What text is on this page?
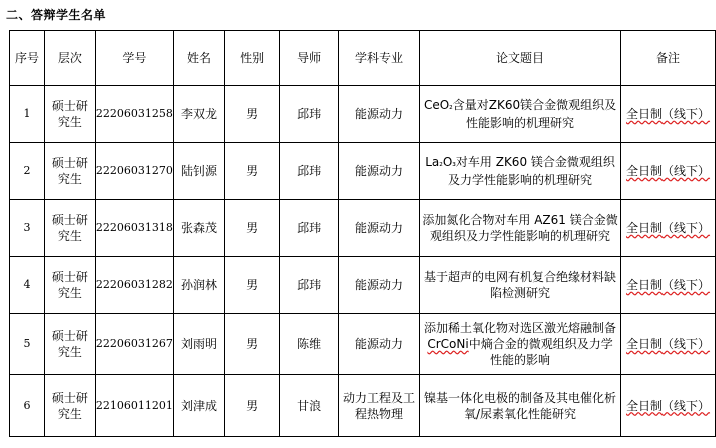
二、答辩学生名单
序号	层次	学号	姓名	性别	导师	学科专业	论文题目	备注
1	硕士研究生	22206031258	李双龙	男	邱玮	能源动力	CeO₂含量对ZK60镁合金微观组织及性能影响的机理研究	全日制（线下）
2	硕士研究生	22206031270	陆钊源	男	邱玮	能源动力	La₂O₃对车用 ZK60 镁合金微观组织及力学性能影响的机理研究	全日制（线下）
3	硕士研究生	22206031318	张森茂	男	邱玮	能源动力	添加氮化合物对车用 AZ61 镁合金微观组织及力学性能影响的机理研究	全日制（线下）
4	硕士研究生	22206031282	孙润林	男	邱玮	能源动力	基于超声的电网有机复合绝缘材料缺陷检测研究	全日制（线下）
5	硕士研究生	22206031267	刘雨明	男	陈维	能源动力	添加稀土氧化物对选区激光熔融制备CrCoNi中熵合金的微观组织及力学性能的影响	全日制（线下）
6	硕士研究生	22106011201	刘津成	男	甘浪	动力工程及工程热物理	镍基一体化电极的制备及其电催化析氧/尿素氧化性能研究	全日制（线下）
